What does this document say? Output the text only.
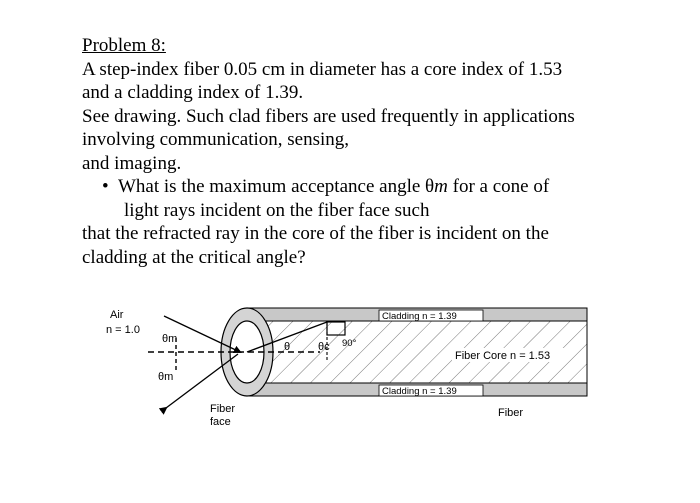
Problem 8:
A step-index fiber 0.05 cm in diameter has a core index of 1.53
and a cladding index of 1.39.
See drawing. Such clad fibers are used frequently in applications
involving communication, sensing,
and imaging.
• What is the maximum acceptance angle θm for a cone of
light rays incident on the fiber face such
that the refracted ray in the core of the fiber is incident on the
cladding at the critical angle?
Air
n = 1.0
θm
θm
Fiber
face
Cladding n = 1.39
Cladding n = 1.39
Fiber Core n = 1.53
Fiber
θ	θc 90°
